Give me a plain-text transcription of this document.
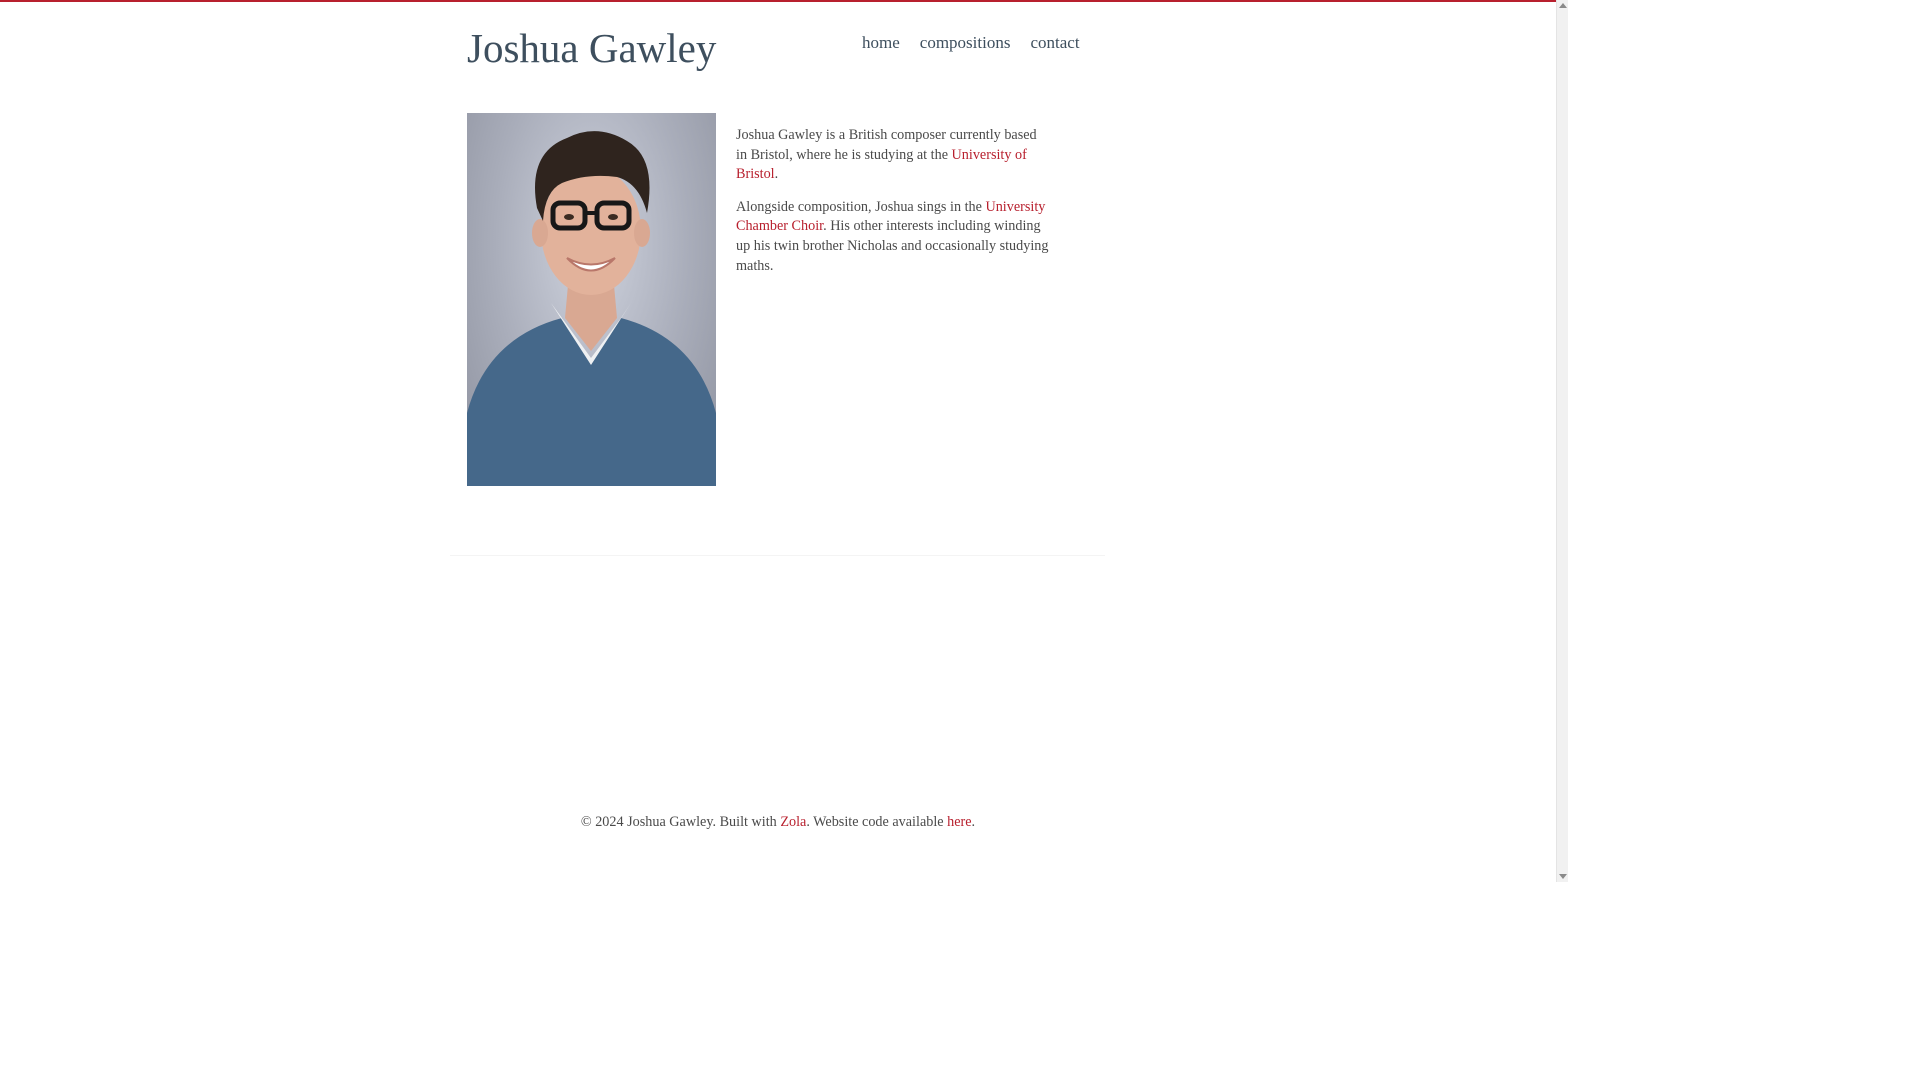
Joshua Gawley	home compositions contact

Joshua Gawley is a British composer currently based in Bristol, where he is studying at the University of Bristol.

Alongside composition, Joshua sings in the University Chamber Choir. His other interests including winding up his twin brother Nicholas and occasionally studying maths.

© 2024 Joshua Gawley. Built with Zola. Website code available here.
